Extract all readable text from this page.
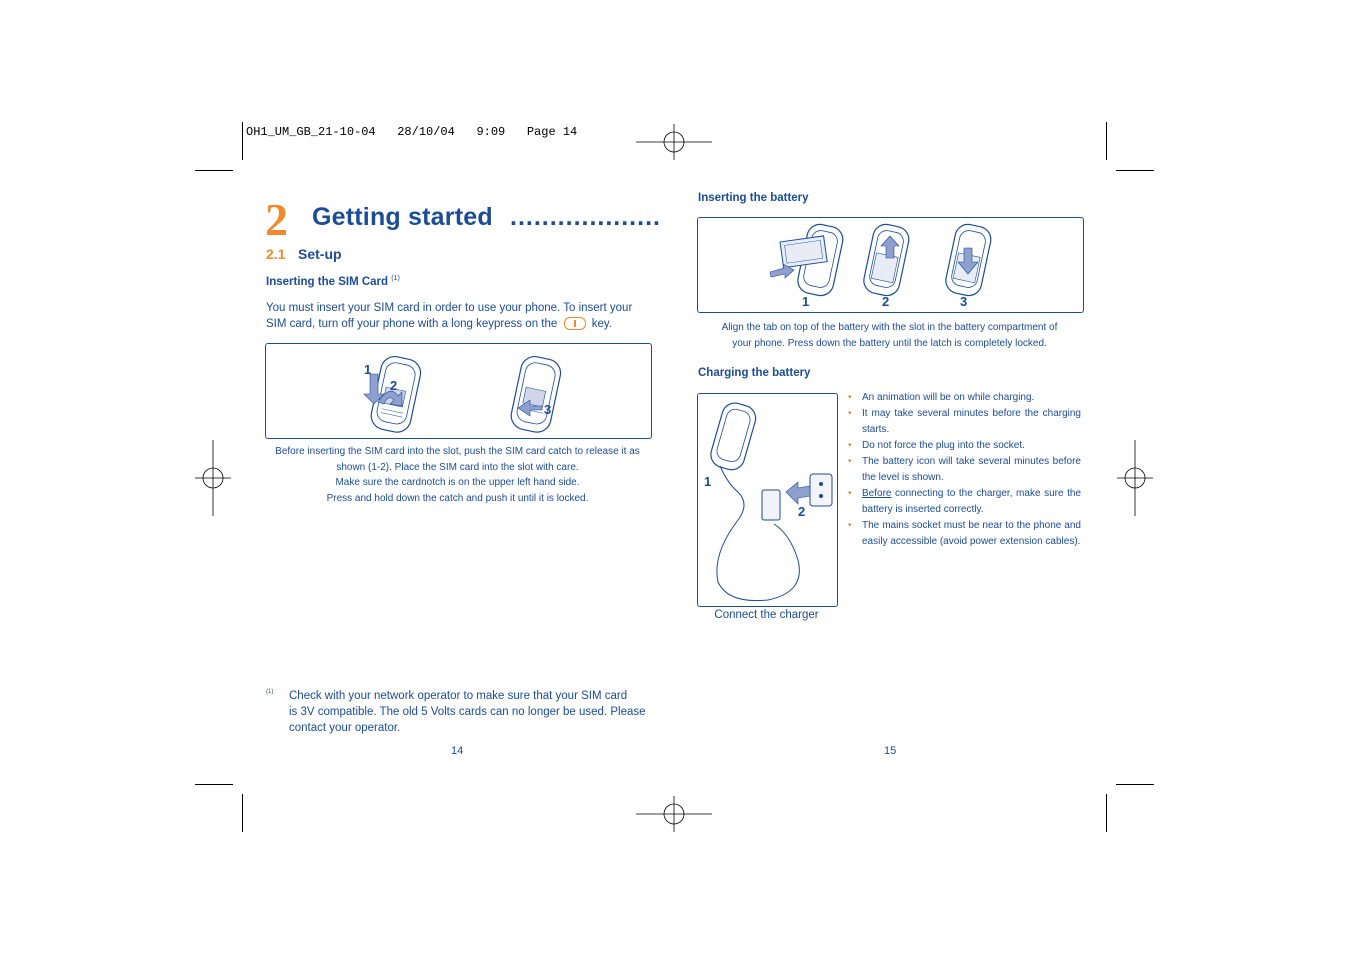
OH1_UM_GB_21-10-04   28/10/04   9:09   Page 14
2 Getting started ...................
2.1 Set-up
Inserting the SIM Card $^{(1)}$
You must insert your SIM card in order to use your phone. To insert your
SIM card, turn off your phone with a long keypress on the	key.
1
2
3
Before inserting the SIM card into the slot, push the SIM card catch to release it as
shown (1-2). Place the SIM card into the slot with care.
Make sure the cardnotch is on the upper left hand side.
Press and hold down the catch and push it until it is locked.
(1) Check with your network operator to make sure that your SIM card
is 3V compatible. The old 5 Volts cards can no longer be used. Please
contact your operator.
14
Inserting the battery
1	2	3
Align the tab on top of the battery with the slot in the battery compartment of
your phone. Press down the battery until the latch is completely locked.
Charging the battery
1
2
Connect the charger
• An animation will be on while charging.
• It may take several minutes before the charging starts.
• Do not force the plug into the socket.
• The battery icon will take several minutes before the level is shown.
• Before connecting to the charger, make sure the battery is inserted correctly.
• The mains socket must be near to the phone and easily accessible (avoid power extension cables).
15
